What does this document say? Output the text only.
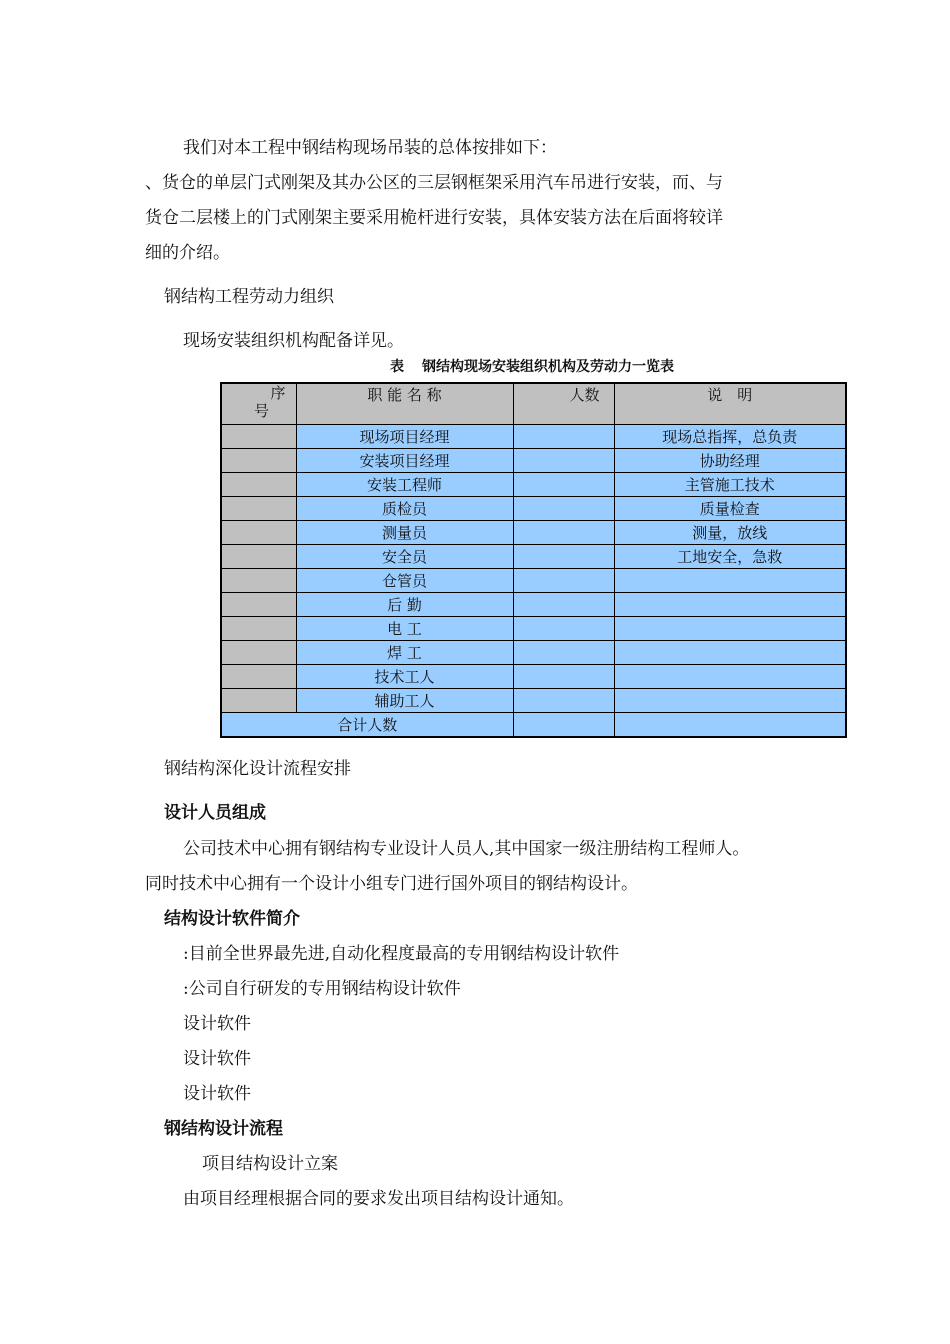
我们对本工程中钢结构现场吊装的总体按排如下：
、货仓的单层门式刚架及其办公区的三层钢框架采用汽车吊进行安装，而、与
货仓二层楼上的门式刚架主要采用桅杆进行安装，具体安装方法在后面将较详
细的介绍。
钢结构工程劳动力组织
现场安装组织机构配备详见。
表 钢结构现场安装组织机构及劳动力一览表
序
号	职 能 名 称	人数	说　明
	现场项目经理		现场总指挥，总负责
	安装项目经理		协助经理
	安装工程师		主管施工技术
	质检员		质量检查
	测量员		测量，放线
	安全员		工地安全，急救
	仓管员		
	后 勤		
	电 工		
	焊 工		
	技术工人		
	辅助工人		
合计人数			
钢结构深化设计流程安排
设计人员组成
公司技术中心拥有钢结构专业设计人员人,其中国家一级注册结构工程师人。
同时技术中心拥有一个设计小组专门进行国外项目的钢结构设计。
结构设计软件简介
:目前全世界最先进,自动化程度最高的专用钢结构设计软件
:公司自行研发的专用钢结构设计软件
设计软件
设计软件
设计软件
钢结构设计流程
项目结构设计立案
由项目经理根据合同的要求发出项目结构设计通知。
